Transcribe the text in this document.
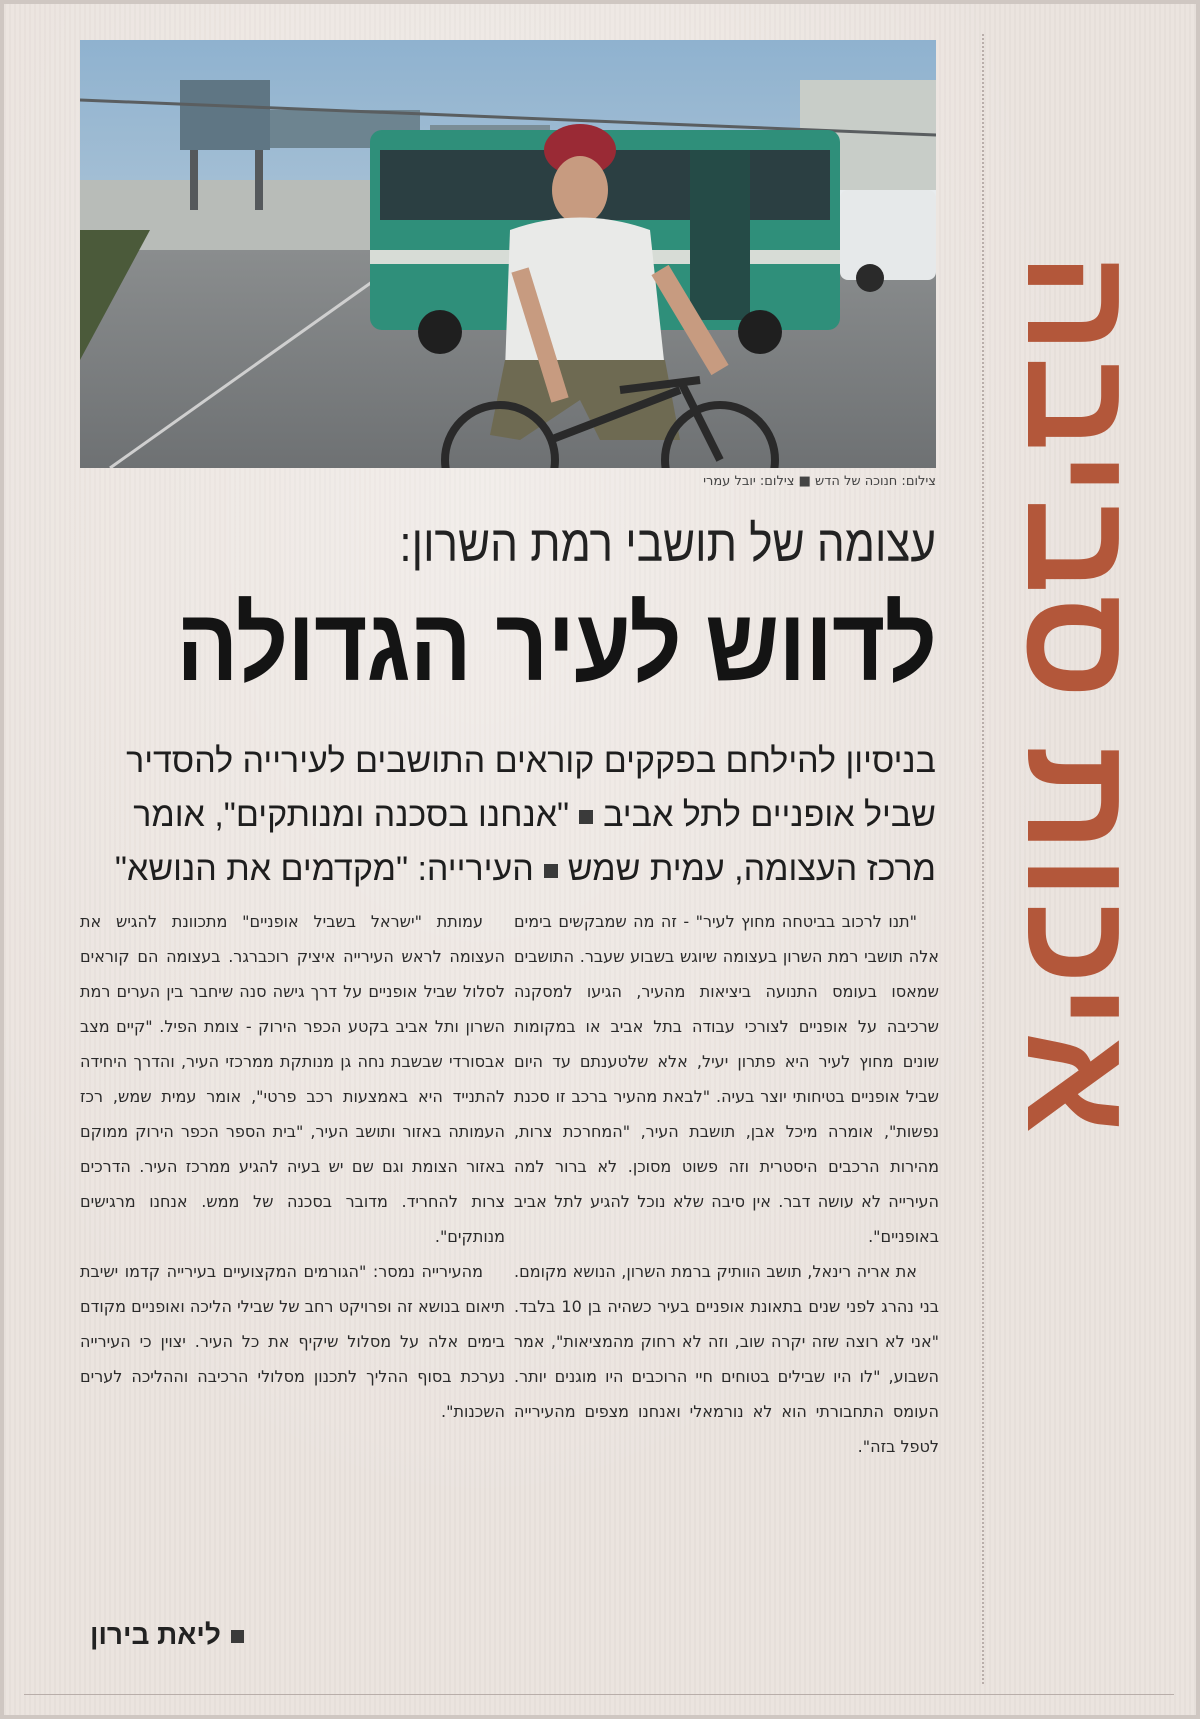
צילום: חנוכה של הדש ■ צילום: יובל עמרי
עצומה של תושבי רמת השרון:
לדווש לעיר הגדולה
בניסיון להילחם בפקקים קוראים התושבים לעירייה להסדיר
שביל אופניים לתל אביב"אנחנו בסכנה ומנותקים", אומר
מרכז העצומה, עמית שמשהעירייה: "מקדמים את הנושא"

"תנו לרכוב בביטחה מחוץ לעיר" - זה מה שמבקשים בימים אלה תושבי רמת השרון בעצומה שיוגש בשבוע שעבר. התושבים שמאסו בעומס התנועה ביציאות מהעיר, הגיעו למסקנה שרכיבה על אופניים לצורכי עבודה בתל אביב או במקומות שונים מחוץ לעיר היא פתרון יעיל, אלא שלטענתם עד היום שביל אופניים בטיחותי יוצר בעיה. "לבאת מהעיר ברכב זו סכנת נפשות", אומרה מיכל אבן, תושבת העיר, "המחרכת צרות, מהירות הרכבים היסטרית וזה פשוט מסוכן. לא ברור למה העירייה לא עושה דבר. אין סיבה שלא נוכל להגיע לתל אביב באופניים".

את אריה רינאל, תושב הוותיק ברמת השרון, הנושא מקומם. בני נהרג לפני שנים בתאונת אופניים בעיר כשהיה בן 10 בלבד. "אני לא רוצה שזה יקרה שוב, וזה לא רחוק מהמציאות", אמר השבוע, "לו היו שבילים בטוחים חיי הרוכבים היו מוגנים יותר. העומס התחבורתי הוא לא נורמאלי ואנחנו מצפים מהעירייה לטפל בזה".

עמותת "ישראל בשביל אופניים" מתכוונת להגיש את העצומה לראש העירייה איציק רוכברגר. בעצומה הם קוראים לסלול שביל אופניים על דרך גישה סנה שיחבר בין הערים רמת השרון ותל אביב בקטע הכפר הירוק - צומת הפיל. "קיים מצב אבסורדי שבשבת נחה גן מנותקת ממרכזי העיר, והדרך היחידה להתנייד היא באמצעות רכב פרטי", אומר עמית שמש, רכז העמותה באזור ותושב העיר, "בית הספר הכפר הירוק ממוקם באזור הצומת וגם שם יש בעיה להגיע ממרכז העיר. הדרכים צרות להחריד. מדובר בסכנה של ממש. אנחנו מרגישים מנותקים".

מהעירייה נמסר: "הגורמים המקצועיים בעירייה קדמו ישיבת תיאום בנושא זה ופרויקט רחב של שבילי הליכה ואופניים מקודם בימים אלה על מסלול שיקיף את כל העיר. יצוין כי העירייה נערכת בסוף ההליך לתכנון מסלולי הרכיבה וההליכה לערים השכנות".

ליאת בירון
איכות סביבה
